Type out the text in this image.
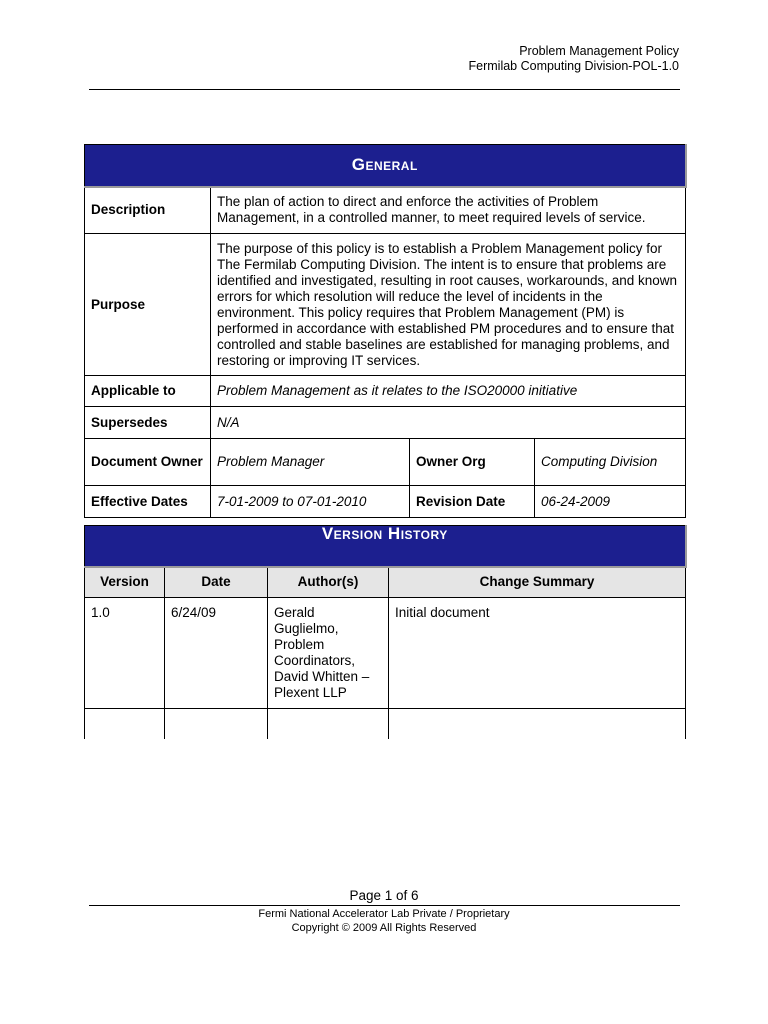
Problem Management Policy
Fermilab Computing Division-POL-1.0
General			
Description	The plan of action to direct and enforce the activities of Problem Management, in a controlled manner, to meet required levels of service.		
Purpose	The purpose of this policy is to establish a Problem Management policy for The Fermilab Computing Division. The intent is to ensure that problems are identified and investigated, resulting in root causes, workarounds, and known errors for which resolution will reduce the level of incidents in the environment. This policy requires that Problem Management (PM) is performed in accordance with established PM procedures and to ensure that controlled and stable baselines are established for managing problems, and restoring or improving IT services.		
Applicable to	Problem Management as it relates to the ISO20000 initiative		
Supersedes	N/A		
Document Owner	Problem Manager	Owner Org	Computing Division
Effective Dates	7-01-2009 to 07-01-2010	Revision Date	06-24-2009
Version History			
Version	Date	Author(s)	Change Summary
1.0	6/24/09	Gerald Guglielmo, Problem Coordinators, David Whitten – Plexent LLP	Initial document

Page 1 of 6
Fermi National Accelerator Lab Private / Proprietary
Copyright © 2009 All Rights Reserved
